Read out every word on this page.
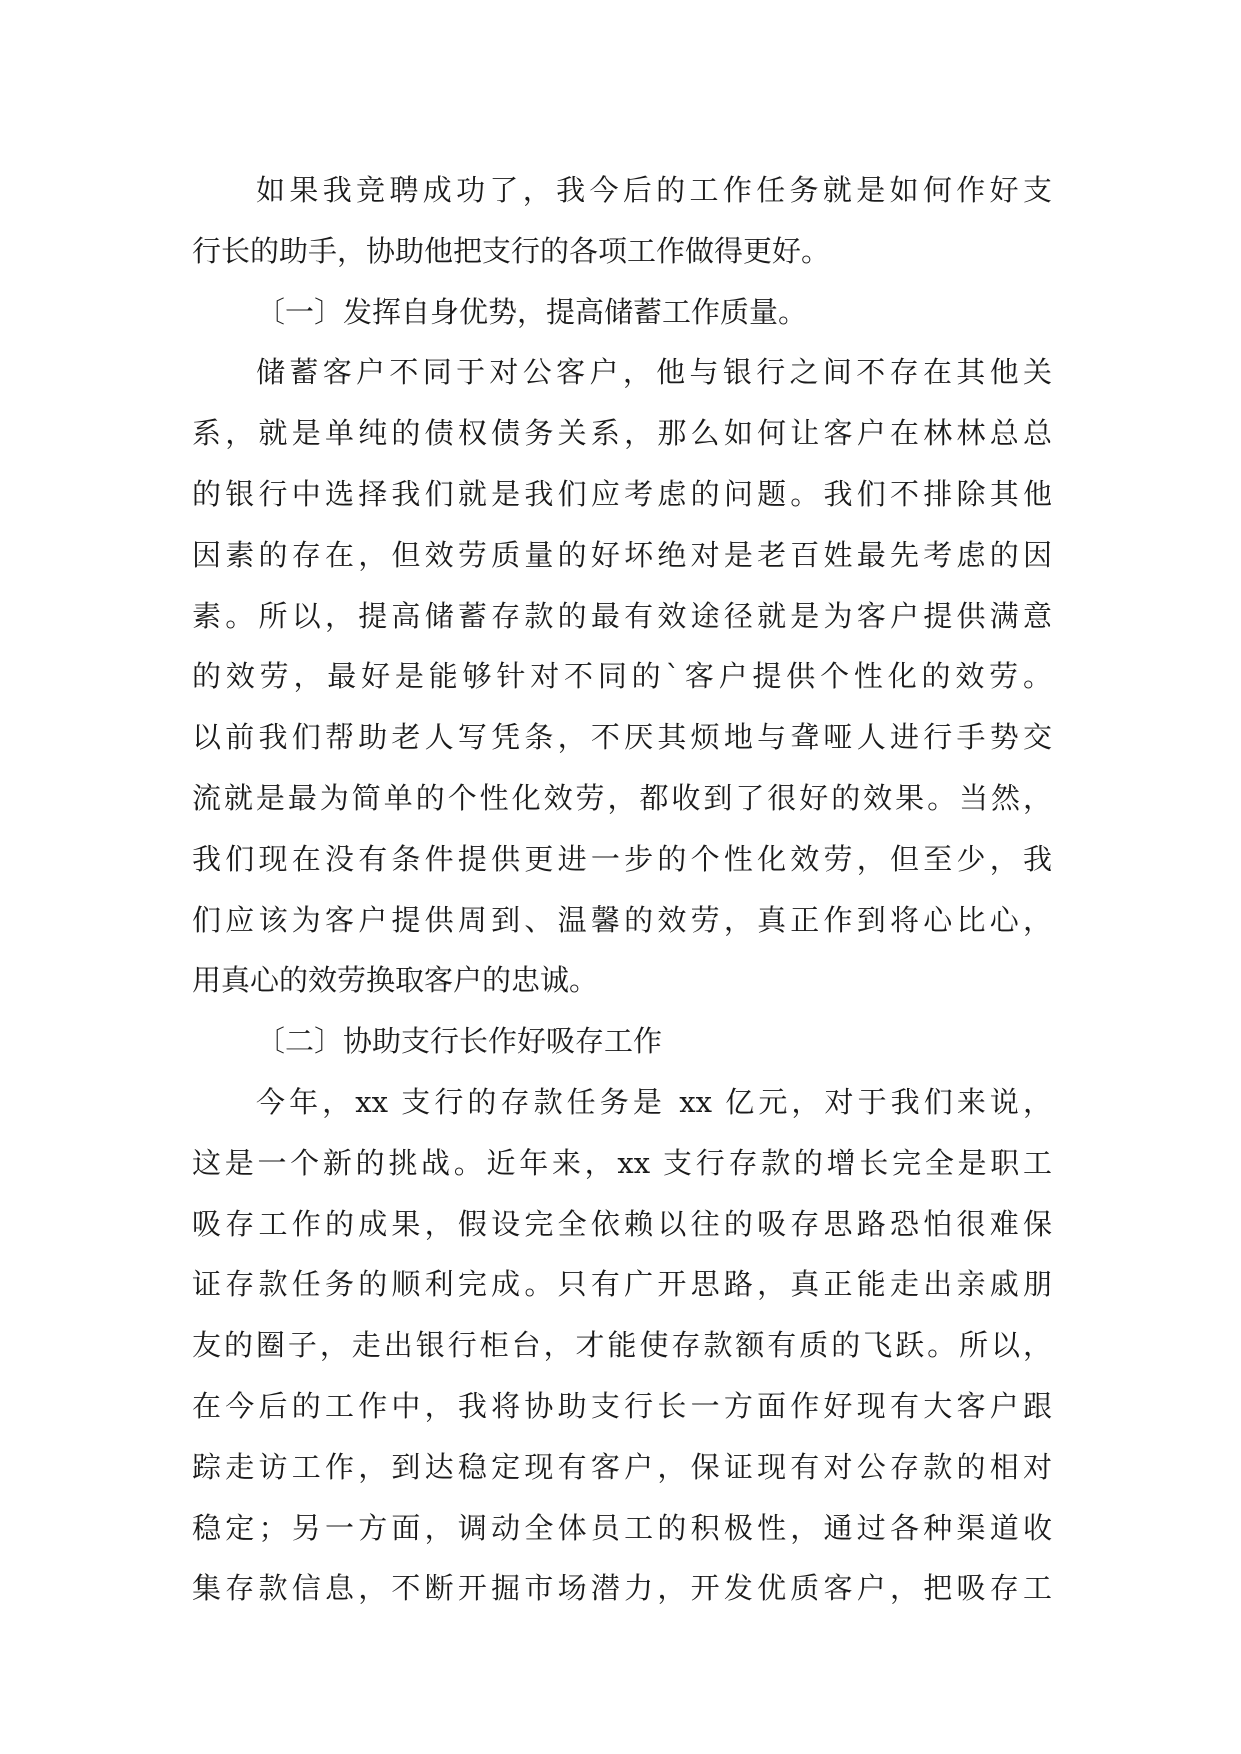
如果我竞聘成功了，我今后的工作任务就是如何作好支
行长的助手，协助他把支行的各项工作做得更好。
〔一〕发挥自身优势，提高储蓄工作质量。
储蓄客户不同于对公客户，他与银行之间不存在其他关
系，就是单纯的债权债务关系，那么如何让客户在林林总总
的银行中选择我们就是我们应考虑的问题。我们不排除其他
因素的存在，但效劳质量的好坏绝对是老百姓最先考虑的因
素。所以，提高储蓄存款的最有效途径就是为客户提供满意
的效劳，最好是能够针对不同的`客户提供个性化的效劳。
以前我们帮助老人写凭条，不厌其烦地与聋哑人进行手势交
流就是最为简单的个性化效劳，都收到了很好的效果。当然，
我们现在没有条件提供更进一步的个性化效劳，但至少，我
们应该为客户提供周到、温馨的效劳，真正作到将心比心，
用真心的效劳换取客户的忠诚。
〔二〕协助支行长作好吸存工作
今年，xx 支行的存款任务是 xx 亿元，对于我们来说，
这是一个新的挑战。近年来，xx 支行存款的增长完全是职工
吸存工作的成果，假设完全依赖以往的吸存思路恐怕很难保
证存款任务的顺利完成。只有广开思路，真正能走出亲戚朋
友的圈子，走出银行柜台，才能使存款额有质的飞跃。所以，
在今后的工作中，我将协助支行长一方面作好现有大客户跟
踪走访工作，到达稳定现有客户，保证现有对公存款的相对
稳定；另一方面，调动全体员工的积极性，通过各种渠道收
集存款信息，不断开掘市场潜力，开发优质客户，把吸存工
